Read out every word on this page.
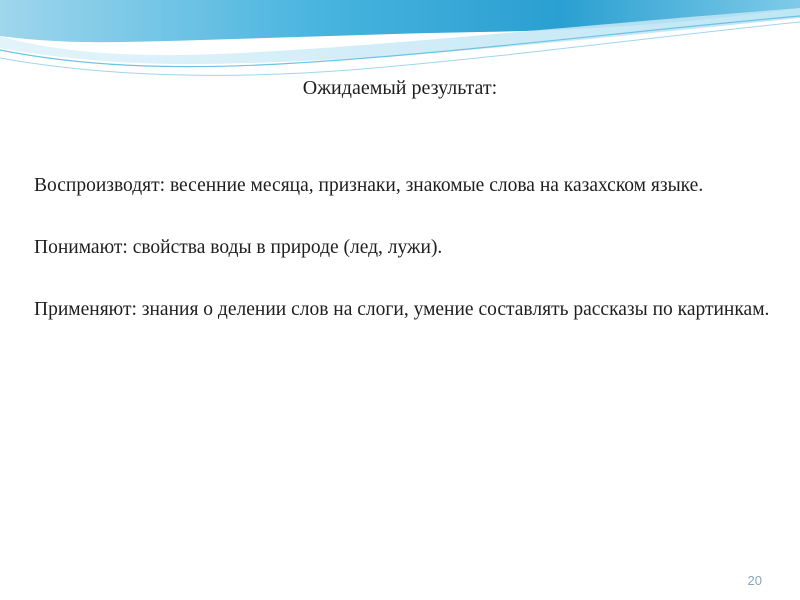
Ожидаемый результат:

Воспроизводят: весенние месяца, признаки, знакомые слова на казахском языке.

Понимают: свойства воды в природе (лед, лужи).

Применяют: знания о делении слов на слоги, умение составлять рассказы по картинкам.

20
